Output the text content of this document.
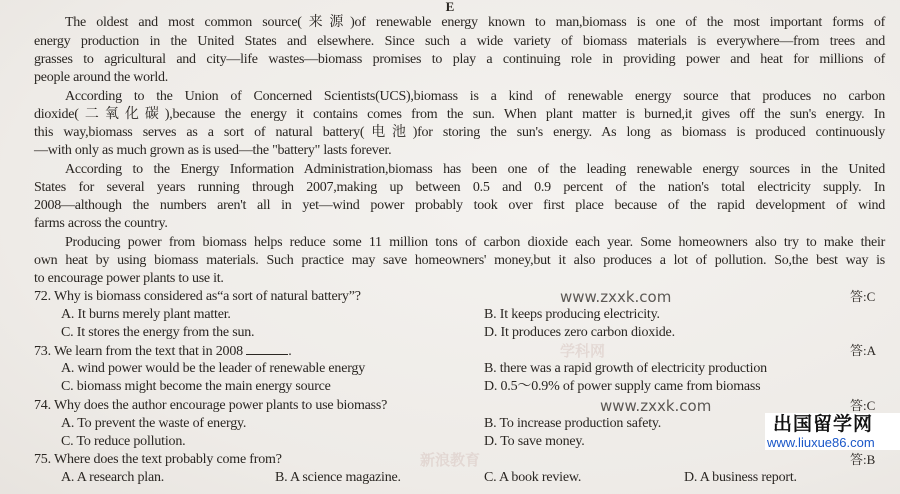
E
The oldest and most common source(来源)of renewable energy known to man,biomass is one of the most important forms of
energy production in the United States and elsewhere. Since such a wide variety of biomass materials is everywhere—from trees and
grasses to agricultural and city—life wastes—biomass promises to play a continuing role in providing power and heat for millions of
people around the world.
According to the Union of Concerned Scientists(UCS),biomass is a kind of renewable energy source that produces no carbon
dioxide(二氧化碳),because the energy it contains comes from the sun. When plant matter is burned,it gives off the sun's energy. In
this way,biomass serves as a sort of natural battery(电池)for storing the sun's energy. As long as biomass is produced continuously
—with only as much grown as is used—the "battery" lasts forever.
According to the Energy Information Administration,biomass has been one of the leading renewable energy sources in the United
States for several years running through 2007,making up between 0.5 and 0.9 percent of the nation's total electricity supply. In
2008—although the numbers aren't all in yet—wind power probably took over first place because of the rapid development of wind
farms across the country.
Producing power from biomass helps reduce some 11 million tons of carbon dioxide each year. Some homeowners also try to make their
own heat by using biomass materials. Such practice may save homeowners' money,but it also produces a lot of pollution. So,the best way is
to encourage power plants to use it.
72. Why is biomass considered as“a sort of natural battery”?	答:C
A. It burns merely plant matter.	B. It keeps producing electricity.
C. It stores the energy from the sun.	D. It produces zero carbon dioxide.
73. We learn from the text that in 2008	.	答:A
A. wind power would be the leader of renewable energy	B. there was a rapid growth of electricity production
C. biomass might become the main energy source	D. 0.5～0.9% of power supply came from biomass
74. Why does the author encourage power plants to use biomass?	答:C
A. To prevent the waste of energy.	B. To increase production safety.
C. To reduce pollution.	D. To save money.
75. Where does the text probably come from?	答:B
A. A research plan.	B. A science magazine.	C. A book review.	D. A business report.
www.zxxk.com
学科网
www.zxxk.com
新浪教育
出国留学网
www.liuxue86.com
